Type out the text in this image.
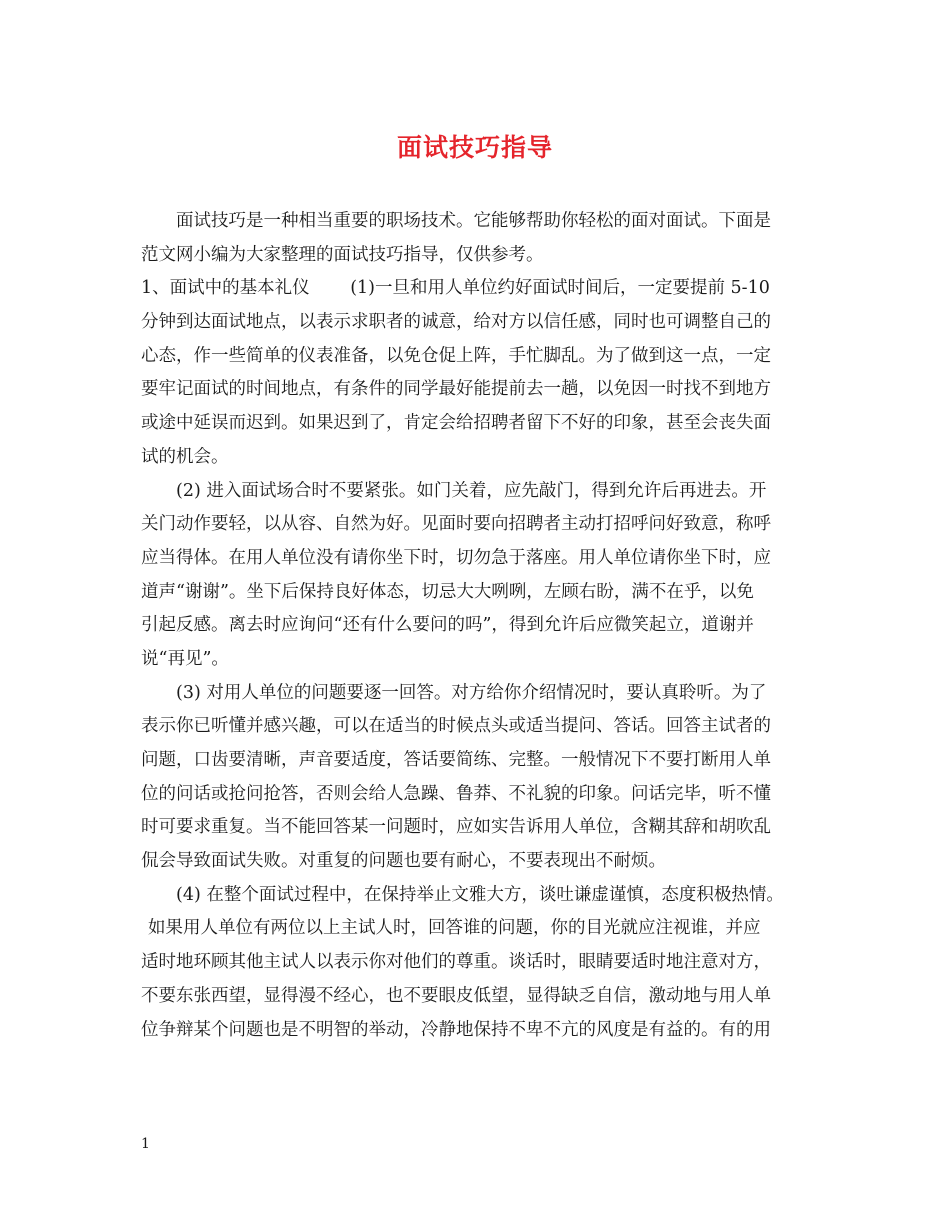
面试技巧指导
面试技巧是一种相当重要的职场技术。它能够帮助你轻松的面对面试。下面是
范文网小编为大家整理的面试技巧指导，仅供参考。
1、面试中的基本礼仪　　 (1)一旦和用人单位约好面试时间后，一定要提前 5-10
分钟到达面试地点，以表示求职者的诚意，给对方以信任感，同时也可调整自己的
心态，作一些简单的仪表准备，以免仓促上阵，手忙脚乱。为了做到这一点，一定
要牢记面试的时间地点，有条件的同学最好能提前去一趟，以免因一时找不到地方
或途中延误而迟到。如果迟到了，肯定会给招聘者留下不好的印象，甚至会丧失面
试的机会。
(2) 进入面试场合时不要紧张。如门关着，应先敲门，得到允许后再进去。开
关门动作要轻，以从容、自然为好。见面时要向招聘者主动打招呼问好致意，称呼
应当得体。在用人单位没有请你坐下时，切勿急于落座。用人单位请你坐下时，应
道声“谢谢”。坐下后保持良好体态，切忌大大咧咧，左顾右盼，满不在乎，以免
引起反感。离去时应询问“还有什么要问的吗”，得到允许后应微笑起立，道谢并
说“再见”。
(3) 对用人单位的问题要逐一回答。对方给你介绍情况时，要认真聆听。为了
表示你已听懂并感兴趣，可以在适当的时候点头或适当提问、答话。回答主试者的
问题，口齿要清晰，声音要适度，答话要简练、完整。一般情况下不要打断用人单
位的问话或抢问抢答，否则会给人急躁、鲁莽、不礼貌的印象。问话完毕，听不懂
时可要求重复。当不能回答某一问题时，应如实告诉用人单位，含糊其辞和胡吹乱
侃会导致面试失败。对重复的问题也要有耐心，不要表现出不耐烦。
(4) 在整个面试过程中，在保持举止文雅大方，谈吐谦虚谨慎，态度积极热情。
如果用人单位有两位以上主试人时，回答谁的问题，你的目光就应注视谁，并应
适时地环顾其他主试人以表示你对他们的尊重。谈话时，眼睛要适时地注意对方，
不要东张西望，显得漫不经心，也不要眼皮低望，显得缺乏自信，激动地与用人单
位争辩某个问题也是不明智的举动，冷静地保持不卑不亢的风度是有益的。有的用
1
